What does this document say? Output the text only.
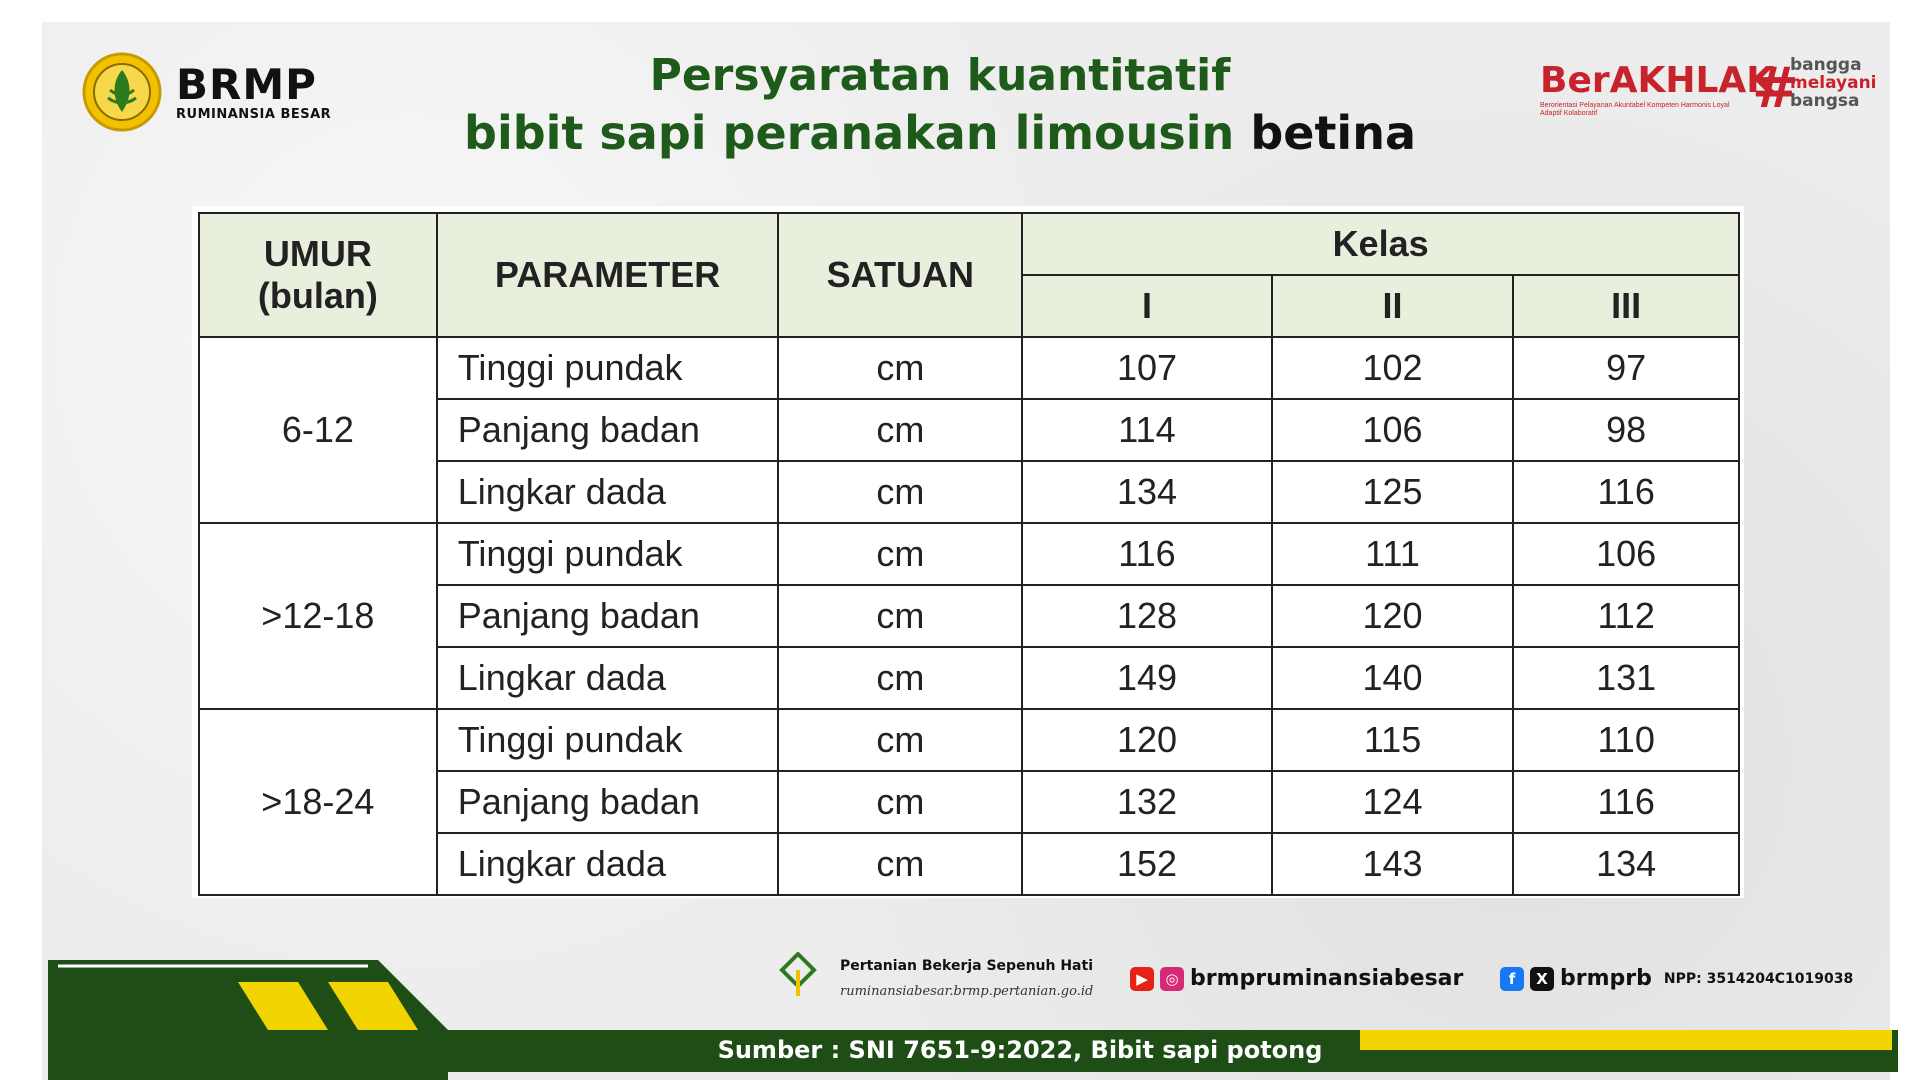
BRMP
RUMINANSIA BESAR
Persyaratan kuantitatif
bibit sapi peranakan limousin betina
BerAKHLAK
Berorientasi Pelayanan Akuntabel Kompeten Harmonis Loyal Adaptif Kolaboratif	#
bangga
melayani
bangsa
UMUR
(bulan)	PARAMETER	SATUAN	Kelas		
			I	II	III
6-12	Tinggi pundak	cm	107	102	97
	Panjang badan	cm	114	106	98
	Lingkar dada	cm	134	125	116
>12-18	Tinggi pundak	cm	116	111	106
	Panjang badan	cm	128	120	112
	Lingkar dada	cm	149	140	131
>18-24	Tinggi pundak	cm	120	115	110
	Panjang badan	cm	132	124	116
	Lingkar dada	cm	152	143	134
Sumber : SNI 7651-9:2022, Bibit sapi potong
Pertanian Bekerja Sepenuh Hati
ruminansiabesar.brmp.pertanian.go.id
▶	◎ brmpruminansiabesar	f	X brmprb NPP: 3514204C1019038
